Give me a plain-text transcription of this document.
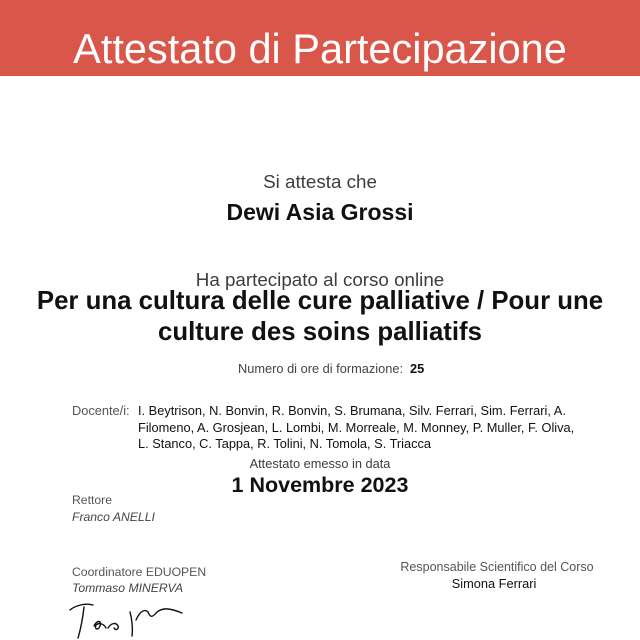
Attestato di Partecipazione
Si attesta che
Dewi Asia Grossi
Ha partecipato al corso online
Per una cultura delle cure palliative / Pour une
culture des soins palliatifs
Numero di ore di formazione: 25
Docente/i: I. Beytrison, N. Bonvin, R. Bonvin, S. Brumana, Silv. Ferrari, Sim. Ferrari, A.
Filomeno, A. Grosjean, L. Lombi, M. Morreale, M. Monney, P. Muller, F. Oliva,
L. Stanco, C. Tappa, R. Tolini, N. Tomola, S. Triacca
Attestato emesso in data
1 Novembre 2023
Rettore
Franco ANELLI
Coordinatore EDUOPEN
Tommaso MINERVA
Responsabile Scientifico del Corso
Simona Ferrari
